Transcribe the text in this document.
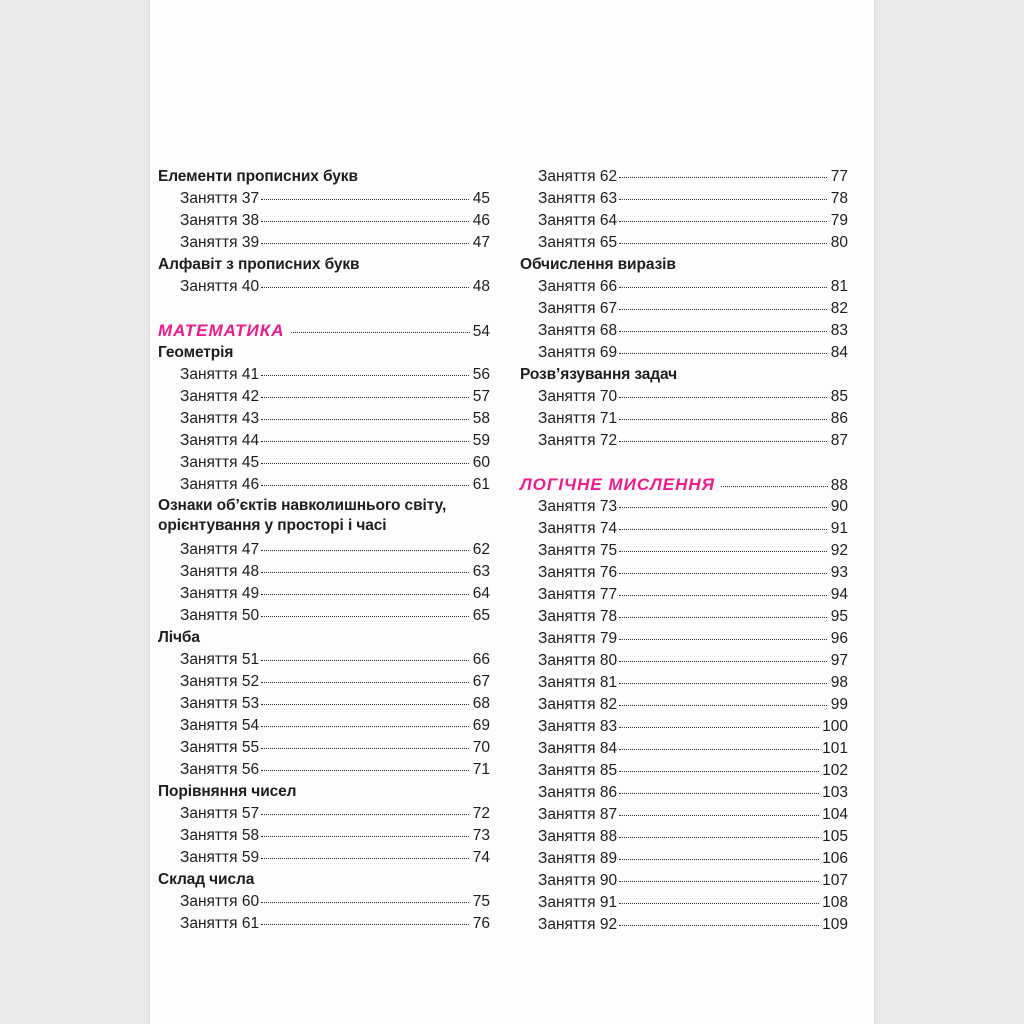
Елементи прописних букв
Заняття 37	45
Заняття 38	46
Заняття 39	47
Алфавіт з прописних букв
Заняття 40	48
МАТЕМАТИКА	54
Геометрія
Заняття 41	56
Заняття 42	57
Заняття 43	58
Заняття 44	59
Заняття 45	60
Заняття 46	61
Ознаки об’єктів навколишнього світу,
орієнтування у просторі і часі
Заняття 47	62
Заняття 48	63
Заняття 49	64
Заняття 50	65
Лічба
Заняття 51	66
Заняття 52	67
Заняття 53	68
Заняття 54	69
Заняття 55	70
Заняття 56	71
Порівняння чисел
Заняття 57	72
Заняття 58	73
Заняття 59	74
Склад числа
Заняття 60	75
Заняття 61	76
Заняття 62	77
Заняття 63	78
Заняття 64	79
Заняття 65	80
Обчислення виразів
Заняття 66	81
Заняття 67	82
Заняття 68	83
Заняття 69	84
Розв’язування задач
Заняття 70	85
Заняття 71	86
Заняття 72	87
ЛОГІЧНЕ МИСЛЕННЯ	88
Заняття 73	90
Заняття 74	91
Заняття 75	92
Заняття 76	93
Заняття 77	94
Заняття 78	95
Заняття 79	96
Заняття 80	97
Заняття 81	98
Заняття 82	99
Заняття 83	100
Заняття 84	101
Заняття 85	102
Заняття 86	103
Заняття 87	104
Заняття 88	105
Заняття 89	106
Заняття 90	107
Заняття 91	108
Заняття 92	109
